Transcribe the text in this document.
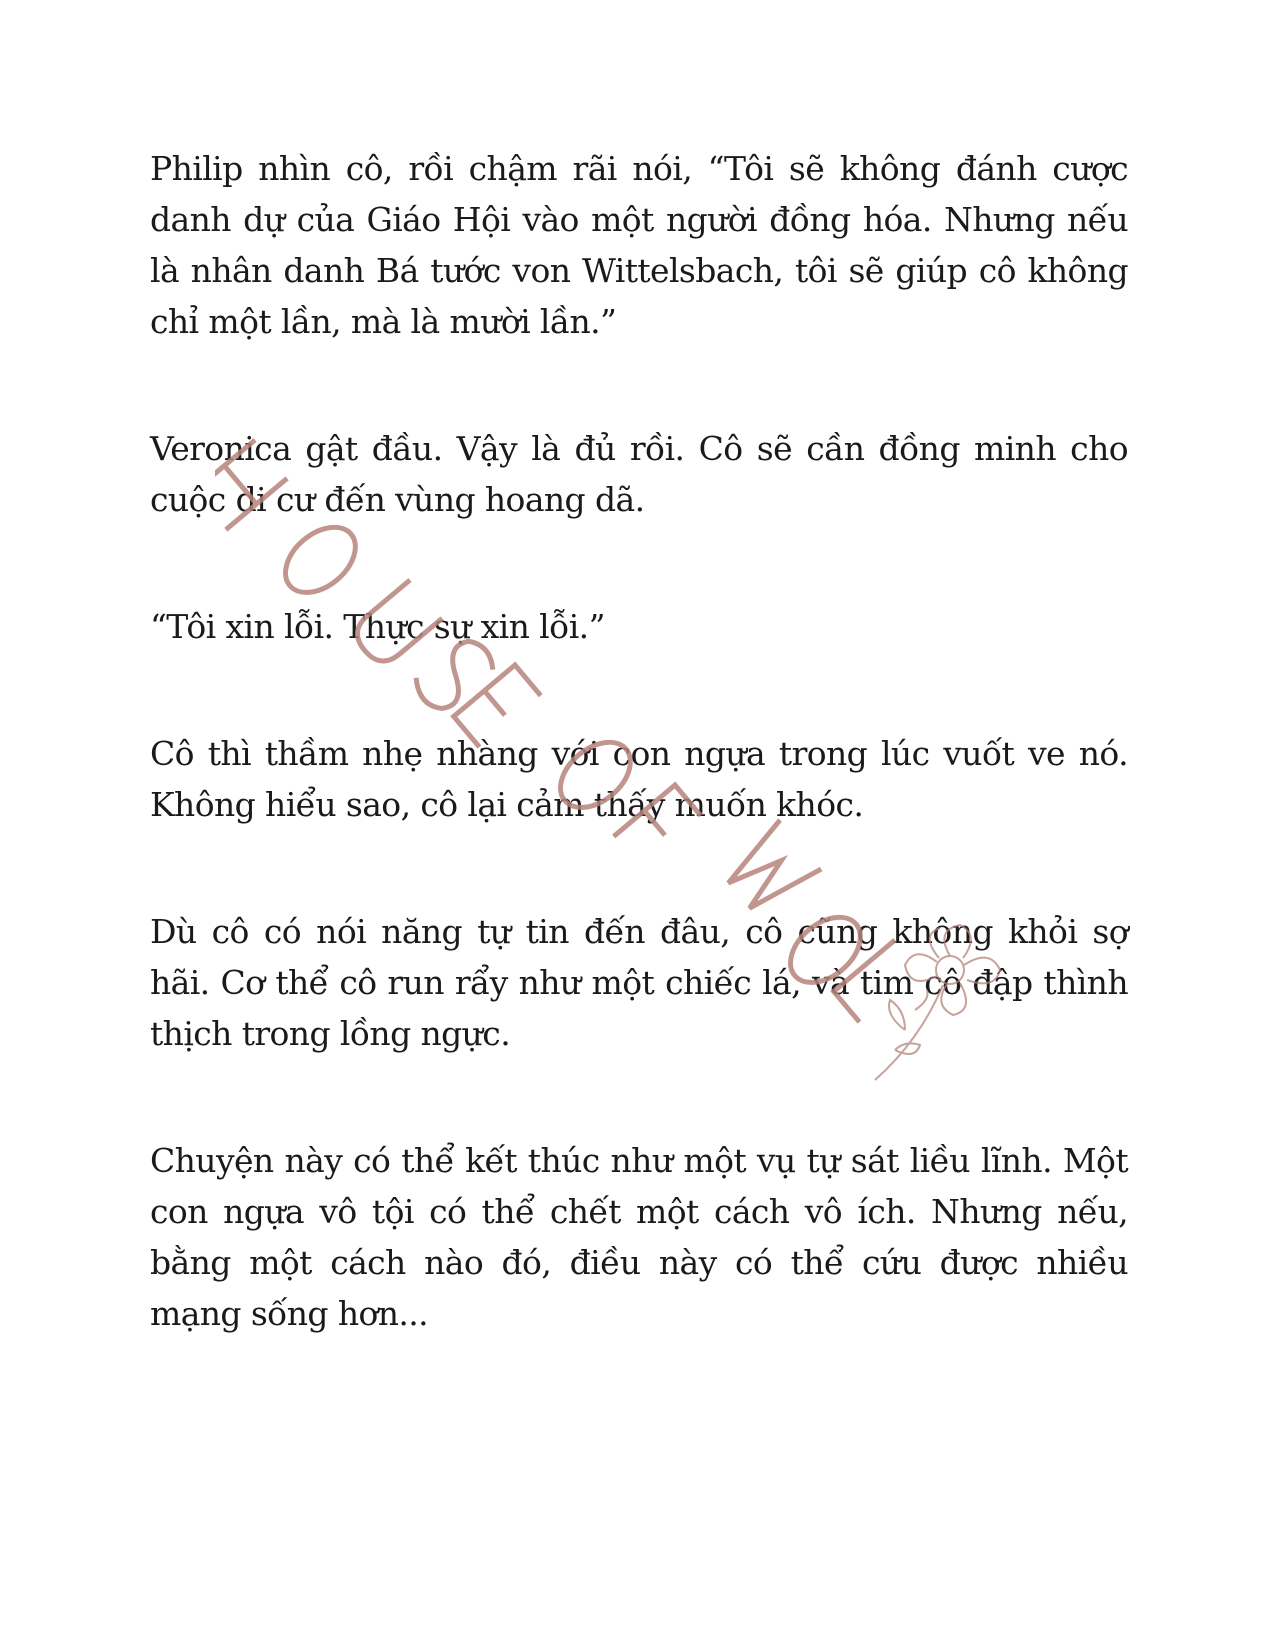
Philip nhìn cô, rồi chậm rãi nói, “Tôi sẽ không đánh cược danh dự của Giáo Hội vào một người đồng hóa. Nhưng nếu là nhân danh Bá tước von Wittelsbach, tôi sẽ giúp cô không chỉ một lần, mà là mười lần.”

Veronica gật đầu. Vậy là đủ rồi. Cô sẽ cần đồng minh cho cuộc di cư đến vùng hoang dã.

“Tôi xin lỗi. Thực sự xin lỗi.”

Cô thì thầm nhẹ nhàng với con ngựa trong lúc vuốt ve nó. Không hiểu sao, cô lại cảm thấy muốn khóc.

Dù cô có nói năng tự tin đến đâu, cô cũng không khỏi sợ hãi. Cơ thể cô run rẩy như một chiếc lá, và tim cô đập thình thịch trong lồng ngực.

Chuyện này có thể kết thúc như một vụ tự sát liều lĩnh. Một con ngựa vô tội có thể chết một cách vô ích. Nhưng nếu, bằng một cách nào đó, điều này có thể cứu được nhiều mạng sống hơn...
